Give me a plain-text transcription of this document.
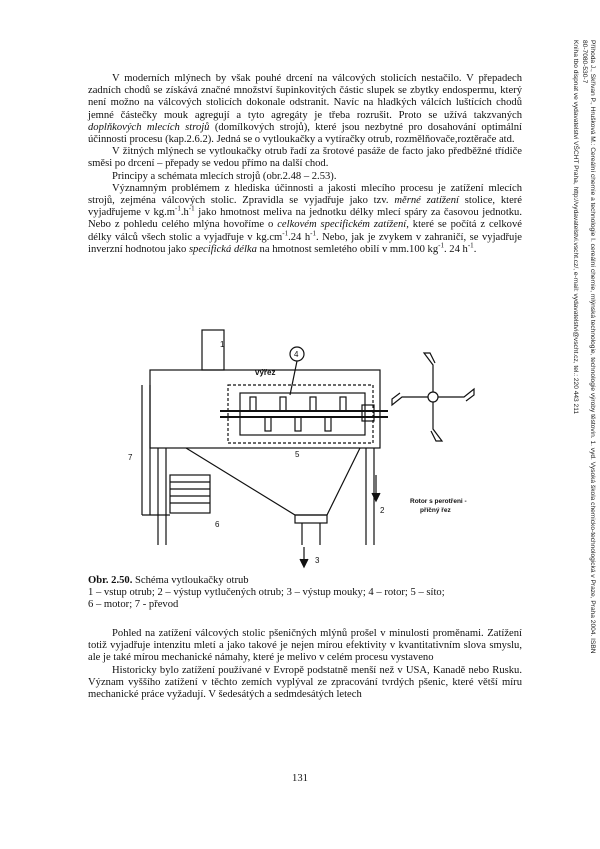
V moderních mlýnech by však pouhé drcení na válcových stolicích nestačilo. V přepadech zadních chodů se získává značné množství šupinkovitých částic slupek se zbytky endospermu, který není možno na válcových stolicích dokonale odstranit. Navíc na hladkých válcích luštících chodů jemné částečky mouk agregují a tyto agregáty je třeba rozrušit. Proto se užívá takzvaných doplňkových mlecích strojů (domílkových strojů), které jsou nezbytné pro dosahování optimální účinnosti procesu (kap.2.6.2). Jedná se o vytloukačky a vytíračky otrub, rozmělňovače,roztěrače atd.

V žitných mlýnech se vytloukačky otrub řadí za šrotové pasáže de facto jako předběžné třídiče směsi po drcení – přepady se vedou přímo na další chod.

Principy a schémata mlecích strojů (obr.2.48 – 2.53).

Významným problémem z hlediska účinnosti a jakosti mlecího procesu je zatížení mlecích strojů, zejména válcových stolic. Zpravidla se vyjadřuje jako tzv. měrné zatížení stolice, které vyjadřujeme v $kg.m^{-1}.h^{-1}$ jako hmotnost meliva na jednotku délky mlecí spáry za časovou jednotku. Nebo z pohledu celého mlýna hovoříme o celkovém specifickém zatížení, které se počítá z celkové délky válců všech stolic a vyjadřuje v $kg.cm^{-1}.24$ $h^{-1}$. Nebo, jak je zvykem v zahraničí, se vyjadřuje inverzní hodnotou jako specifická délka na hmotnost semletého obilí v mm.100 $kg^{-1}$. 24 $h^{-1}$.

1
2
3
4
5
6
7
výřez
Rotor s perotřeni -
příčný řez
Obr. 2.50. Schéma vytloukačky otrub
1 – vstup otrub; 2 – výstup vytlučených otrub; 3 – výstup mouky; 4 – rotor; 5 – síto;
6 – motor; 7 - převod

Pohled na zatížení válcových stolic pšeničných mlýnů prošel v minulosti proměnami. Zatížení totiž vyjadřuje intenzitu mletí a jako takové je nejen mírou efektivity v kvantitativním slova smyslu, ale je také mírou mechanické námahy, které je melivo v celém procesu vystaveno

Historicky bylo zatížení používané v Evropě podstatně menší než v USA, Kanadě nebo Rusku. Význam vyššího zatížení v těchto zemích vyplýval ze zpracování tvrdých pšenic, které větší míru mechanické práce vyžadují. V šedesátých a sedmdesátých letech

131
Příhoda J., Skřivan P., Hrušková M.: Cereální chemie a technologie I. cereální chemie, mlýnská technologie, technologie výroby těstovin. 1. vyd. Vysoká škola chemicko-technologická v Praze, Praha 2004. ISBN
80-7080-530-7
Kniha tbo dispnat ve vydavatelstvi VŠCHT Praha, http://vydavatelstvi.vscht.cz/, e-mail: vydavatelstvi@vscht.cz, tel.: 220 443 211
